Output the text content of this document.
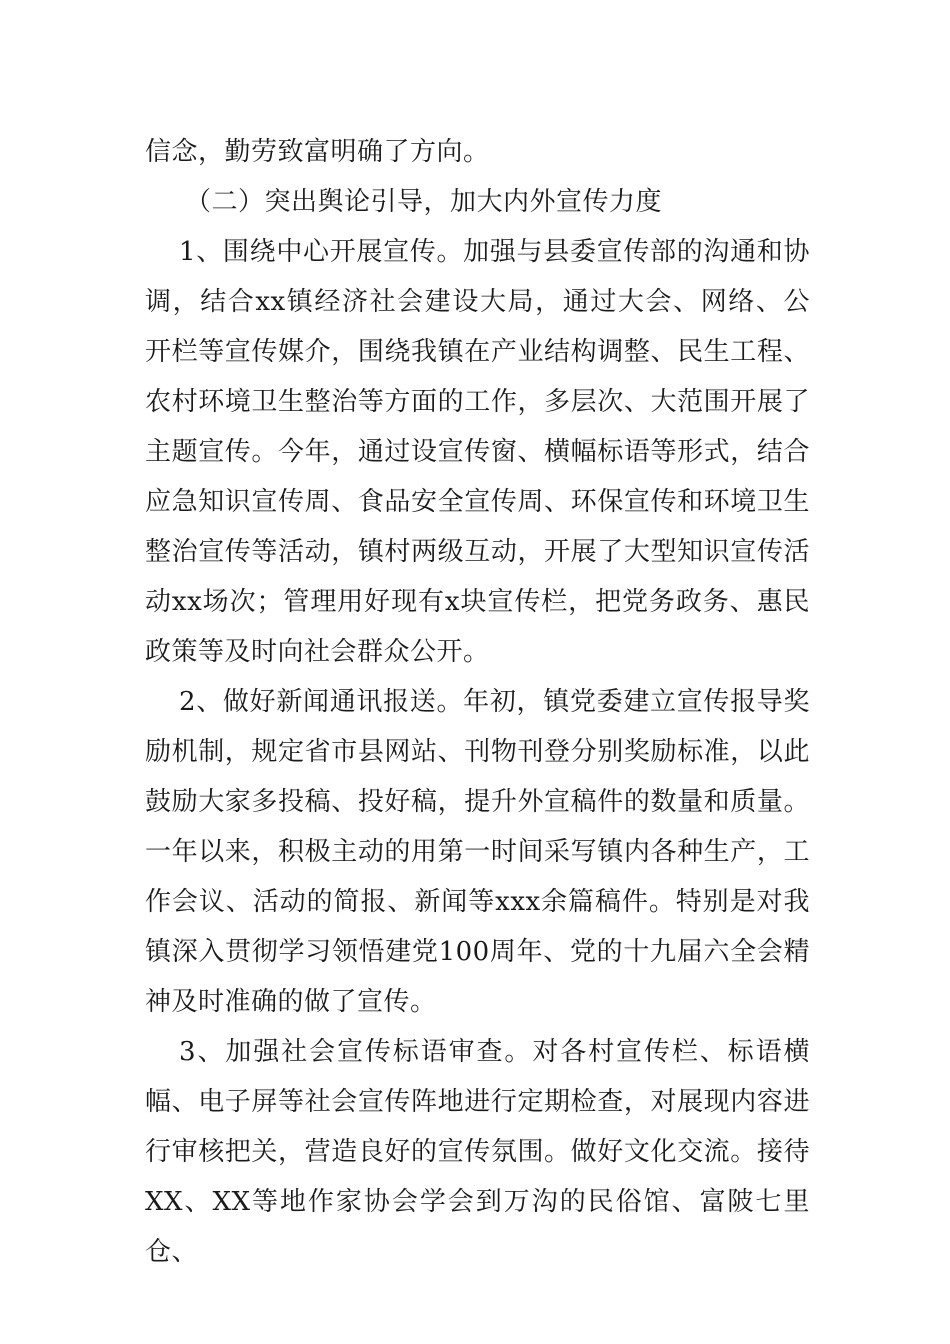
信念，勤劳致富明确了方向。

（二）突出舆论引导，加大内外宣传力度

1、围绕中心开展宣传。加强与县委宣传部的沟通和协调，结合xx镇经济社会建设大局，通过大会、网络、公开栏等宣传媒介，围绕我镇在产业结构调整、民生工程、农村环境卫生整治等方面的工作，多层次、大范围开展了主题宣传。今年，通过设宣传窗、横幅标语等形式，结合应急知识宣传周、食品安全宣传周、环保宣传和环境卫生整治宣传等活动，镇村两级互动，开展了大型知识宣传活动xx场次；管理用好现有x块宣传栏，把党务政务、惠民政策等及时向社会群众公开。

2、做好新闻通讯报送。年初，镇党委建立宣传报导奖励机制，规定省市县网站、刊物刊登分别奖励标准，以此鼓励大家多投稿、投好稿，提升外宣稿件的数量和质量。一年以来，积极主动的用第一时间采写镇内各种生产，工作会议、活动的简报、新闻等xxx余篇稿件。特别是对我镇深入贯彻学习领悟建党100周年、党的十九届六全会精神及时准确的做了宣传。

3、加强社会宣传标语审查。对各村宣传栏、标语横幅、电子屏等社会宣传阵地进行定期检查，对展现内容进行审核把关，营造良好的宣传氛围。做好文化交流。接待XX、XX等地作家协会学会到万沟的民俗馆、富陂七里仓、
